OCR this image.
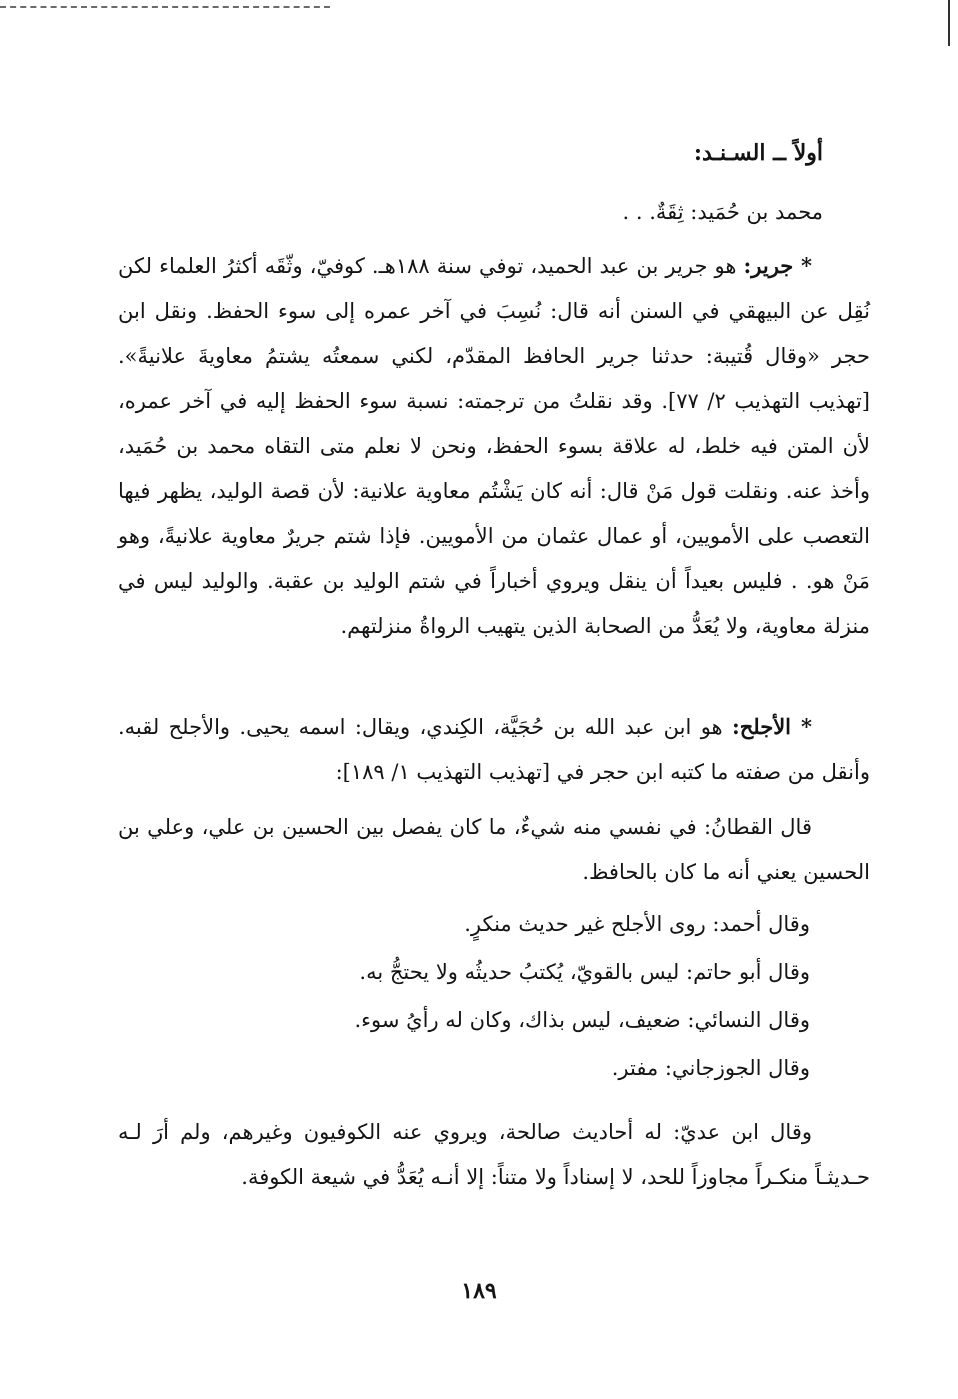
أولاً ــ السـنـد:
محمد بن حُمَيد: ثِقَةٌ. . .

* جرير: هو جرير بن عبد الحميد، توفي سنة ١٨٨هـ. كوفيّ، وثّقَه أكثرُ العلماء لكن نُقِل عن البيهقي في السنن أنه قال: نُسِبَ في آخر عمره إلى سوء الحفظ. ونقل ابن حجر «وقال قُتيبة: حدثنا جرير الحافظ المقدّم، لكني سمعتُه يشتمُ معاويةَ علانيةً». [تهذيب التهذيب ٢/ ٧٧]. وقد نقلتُ من ترجمته: نسبة سوء الحفظ إليه في آخر عمره، لأن المتن فيه خلط، له علاقة بسوء الحفظ، ونحن لا نعلم متى التقاه محمد بن حُمَيد، وأخذ عنه. ونقلت قول مَنْ قال: أنه كان يَشْتُم معاوية علانية: لأن قصة الوليد، يظهر فيها التعصب على الأمويين، أو عمال عثمان من الأمويين. فإذا شتم جريرٌ معاوية علانيةً، وهو مَنْ هو. . فليس بعيداً أن ينقل ويروي أخباراً في شتم الوليد بن عقبة. والوليد ليس في منزلة معاوية، ولا يُعَدُّ من الصحابة الذين يتهيب الرواةُ منزلتهم.

* الأجلح: هو ابن عبد الله بن حُجَيَّة، الكِندي، ويقال: اسمه يحيى. والأجلح لقبه. وأنقل من صفته ما كتبه ابن حجر في [تهذيب التهذيب ١/ ١٨٩]:

قال القطانُ: في نفسي منه شيءٌ، ما كان يفصل بين الحسين بن علي، وعلي بن الحسين يعني أنه ما كان بالحافظ.

وقال أحمد: روى الأجلح غير حديث منكرٍ.
وقال أبو حاتم: ليس بالقويّ، يُكتبُ حديثُه ولا يحتجُّ به.
وقال النسائي: ضعيف، ليس بذاك، وكان له رأيُ سوء.
وقال الجوزجاني: مفتر.

وقال ابن عديّ: له أحاديث صالحة، ويروي عنه الكوفيون وغيرهم، ولم أرَ لـه حـديثـاً منكـراً مجاوزاً للحد، لا إسناداً ولا متناً: إلا أنـه يُعَدُّ في شيعة الكوفة.

١٨٩
